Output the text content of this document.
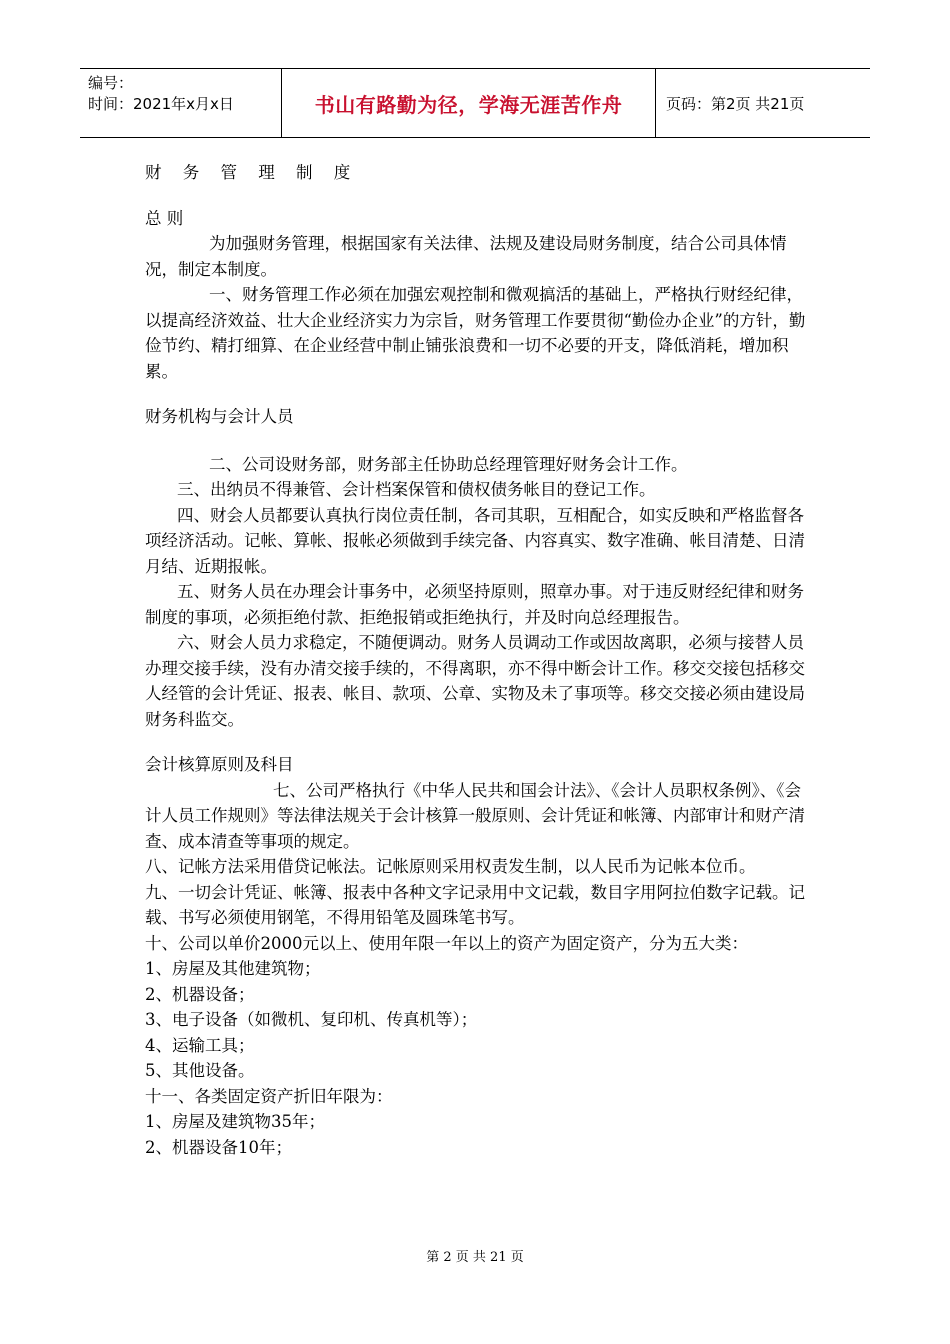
编号：
时间：2021年x月x日	书山有路勤为径，学海无涯苦作舟	页码：第2页 共21页

财 务 管 理 制 度

总 则

为加强财务管理，根据国家有关法律、法规及建设局财务制度，结合公司具体情况，制定本制度。

一、财务管理工作必须在加强宏观控制和微观搞活的基础上，严格执行财经纪律，以提高经济效益、壮大企业经济实力为宗旨，财务管理工作要贯彻“勤俭办企业”的方针，勤俭节约、精打细算、在企业经营中制止铺张浪费和一切不必要的开支，降低消耗，增加积累。

财务机构与会计人员

二、公司设财务部，财务部主任协助总经理管理好财务会计工作。

三、出纳员不得兼管、会计档案保管和债权债务帐目的登记工作。

四、财会人员都要认真执行岗位责任制，各司其职，互相配合，如实反映和严格监督各项经济活动。记帐、算帐、报帐必须做到手续完备、内容真实、数字准确、帐目清楚、日清月结、近期报帐。

五、财务人员在办理会计事务中，必须坚持原则，照章办事。对于违反财经纪律和财务制度的事项，必须拒绝付款、拒绝报销或拒绝执行，并及时向总经理报告。

六、财会人员力求稳定，不随便调动。财务人员调动工作或因故离职，必须与接替人员办理交接手续，没有办清交接手续的，不得离职，亦不得中断会计工作。移交交接包括移交人经管的会计凭证、报表、帐目、款项、公章、实物及未了事项等。移交交接必须由建设局财务科监交。

会计核算原则及科目

七、公司严格执行《中华人民共和国会计法》、《会计人员职权条例》、《会计人员工作规则》等法律法规关于会计核算一般原则、会计凭证和帐簿、内部审计和财产清查、成本清查等事项的规定。

八、记帐方法采用借贷记帐法。记帐原则采用权责发生制，以人民币为记帐本位币。

九、一切会计凭证、帐簿、报表中各种文字记录用中文记载，数目字用阿拉伯数字记载。记载、书写必须使用钢笔，不得用铅笔及圆珠笔书写。

十、公司以单价2000元以上、使用年限一年以上的资产为固定资产，分为五大类：

1、房屋及其他建筑物；

2、机器设备；

3、电子设备（如微机、复印机、传真机等）；

4、运输工具；

5、其他设备。

十一、各类固定资产折旧年限为：

1、房屋及建筑物35年；

2、机器设备10年；

第 2 页 共 21 页
